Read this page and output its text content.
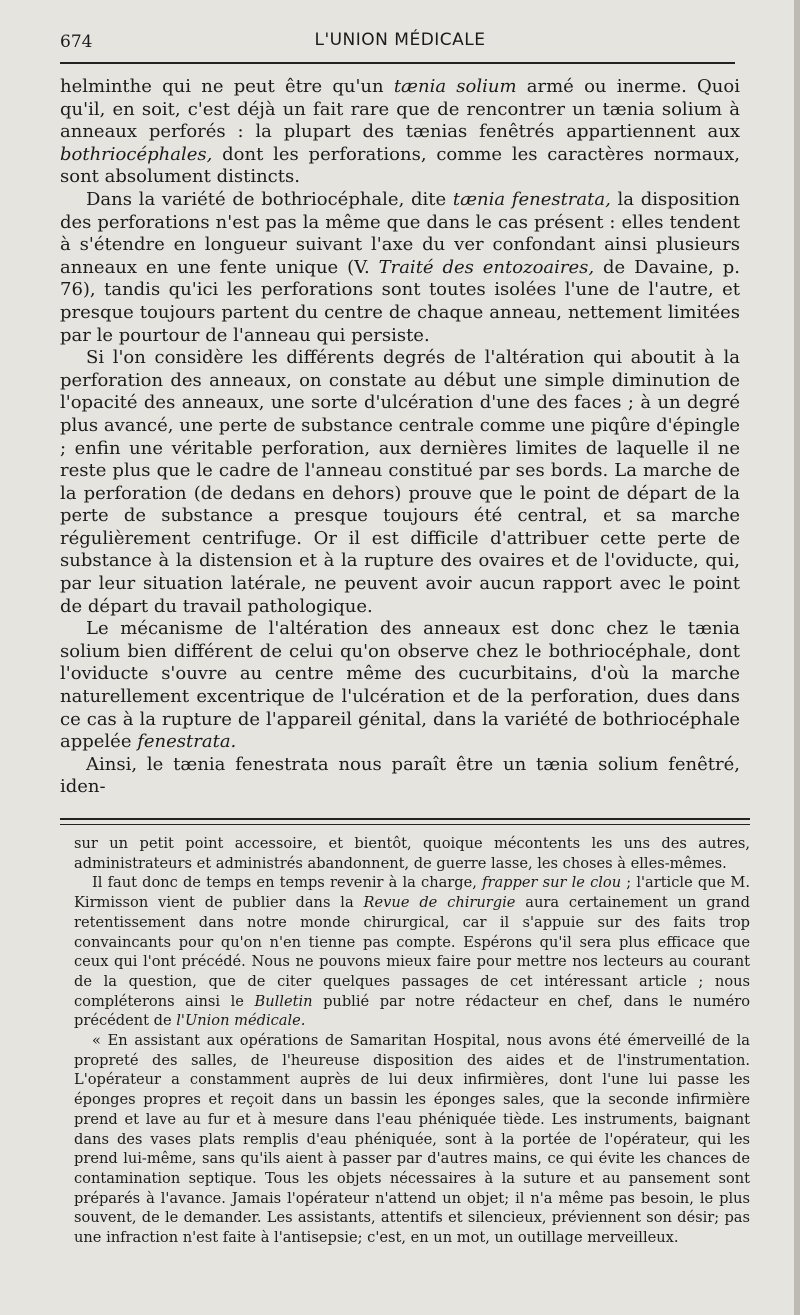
674	L'UNION MÉDICALE

helminthe qui ne peut être qu'un tænia solium armé ou inerme. Quoi qu'il, en soit, c'est déjà un fait rare que de rencontrer un tænia solium à anneaux perforés : la plupart des tænias fenêtrés appartiennent aux bothriocéphales, dont les perforations, comme les caractères normaux, sont absolument distincts.

Dans la variété de bothriocéphale, dite tænia fenestrata, la disposition des perforations n'est pas la même que dans le cas présent : elles tendent à s'étendre en longueur suivant l'axe du ver confondant ainsi plusieurs anneaux en une fente unique (V. Traité des entozoaires, de Davaine, p. 76), tandis qu'ici les perforations sont toutes isolées l'une de l'autre, et presque toujours partent du centre de chaque anneau, nettement limitées par le pourtour de l'anneau qui persiste.

Si l'on considère les différents degrés de l'altération qui aboutit à la perforation des anneaux, on constate au début une simple diminution de l'opacité des anneaux, une sorte d'ulcération d'une des faces ; à un degré plus avancé, une perte de substance centrale comme une piqûre d'épingle ; enfin une véritable perforation, aux dernières limites de laquelle il ne reste plus que le cadre de l'anneau constitué par ses bords. La marche de la perforation (de dedans en dehors) prouve que le point de départ de la perte de substance a presque toujours été central, et sa marche régulièrement centrifuge. Or il est difficile d'attribuer cette perte de substance à la distension et à la rupture des ovaires et de l'oviducte, qui, par leur situation latérale, ne peuvent avoir aucun rapport avec le point de départ du travail pathologique.

Le mécanisme de l'altération des anneaux est donc chez le tænia solium bien différent de celui qu'on observe chez le bothriocéphale, dont l'oviducte s'ouvre au centre même des cucurbitains, d'où la marche naturellement excentrique de l'ulcération et de la perforation, dues dans ce cas à la rupture de l'appareil génital, dans la variété de bothriocéphale appelée fenestrata.

Ainsi, le tænia fenestrata nous paraît être un tænia solium fenêtré, iden-

sur un petit point accessoire, et bientôt, quoique mécontents les uns des autres, administrateurs et administrés abandonnent, de guerre lasse, les choses à elles-mêmes.

Il faut donc de temps en temps revenir à la charge, frapper sur le clou ; l'article que M. Kirmisson vient de publier dans la Revue de chirurgie aura certainement un grand retentissement dans notre monde chirurgical, car il s'appuie sur des faits trop convaincants pour qu'on n'en tienne pas compte. Espérons qu'il sera plus efficace que ceux qui l'ont précédé. Nous ne pouvons mieux faire pour mettre nos lecteurs au courant de la question, que de citer quelques passages de cet intéressant article ; nous compléterons ainsi le Bulletin publié par notre rédacteur en chef, dans le numéro précédent de l'Union médicale.

« En assistant aux opérations de Samaritan Hospital, nous avons été émerveillé de la propreté des salles, de l'heureuse disposition des aides et de l'instrumentation. L'opérateur a constamment auprès de lui deux infirmières, dont l'une lui passe les éponges propres et reçoit dans un bassin les éponges sales, que la seconde infirmière prend et lave au fur et à mesure dans l'eau phéniquée tiède. Les instruments, baignant dans des vases plats remplis d'eau phéniquée, sont à la portée de l'opérateur, qui les prend lui-même, sans qu'ils aient à passer par d'autres mains, ce qui évite les chances de contamination septique. Tous les objets nécessaires à la suture et au pansement sont préparés à l'avance. Jamais l'opérateur n'attend un objet; il n'a même pas besoin, le plus souvent, de le demander. Les assistants, attentifs et silencieux, préviennent son désir; pas une infraction n'est faite à l'antisepsie; c'est, en un mot, un outillage merveilleux.
